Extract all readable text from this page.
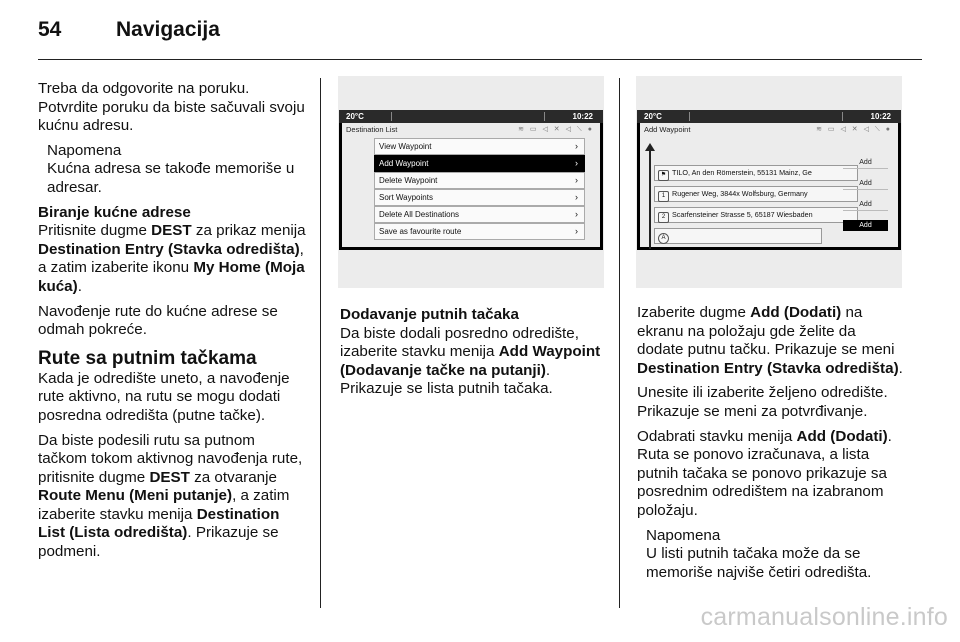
54	Navigacija

Treba da odgovorite na poruku. Potvrdite poruku da biste sačuvali svoju kućnu adresu.

Napomena

Kućna adresa se takođe memoriše u adresar.

Biranje kućne adrese

Pritisnite dugme DEST za prikaz menija Destination Entry (Stavka odredišta), a zatim izaberite ikonu My Home (Moja kuća).

Navođenje rute do kućne adrese se odmah pokreće.

Rute sa putnim tačkama

Kada je odredište uneto, a navođenje rute aktivno, na rutu se mogu dodati posredna odredišta (putne tačke).

Da biste podesili rutu sa putnom tačkom tokom aktivnog navođenja rute, pritisnite dugme DEST za otvaranje Route Menu (Meni putanje), a zatim izaberite stavku menija Destination List (Lista odredišta). Prikazuje se podmeni.

20°C	10:22
Destination List	≋ ▭ ◁ ✕ ◁ ⟍ ●
View Waypoint	›
Add Waypoint	›
Delete Waypoint	›
Sort Waypoints	›
Delete All Destinations	›
Save as favourite route	›

Dodavanje putnih tačaka

Da biste dodali posredno odredište, izaberite stavku menija Add Waypoint (Dodavanje tačke na putanji). Prikazuje se lista putnih tačaka.

20°C	10:22
Add Waypoint	≋ ▭ ◁ ✕ ◁ ⟍ ●
⚑ TILO, An den Römerstein, 55131 Mainz, Ge
1 Rugener Weg, 3844x Wolfsburg, Germany
2 Scarfensteiner Strasse 5, 65187 Wiesbaden
A
Add
Add
Add
Add

Izaberite dugme Add (Dodati) na ekranu na položaju gde želite da dodate putnu tačku. Prikazuje se meni Destination Entry (Stavka odredišta).

Unesite ili izaberite željeno odredište. Prikazuje se meni za potvrđivanje.

Odabrati stavku menija Add (Dodati). Ruta se ponovo izračunava, a lista putnih tačaka se ponovo prikazuje sa posrednim odredištem na izabranom položaju.

Napomena

U listi putnih tačaka može da se memoriše najviše četiri odredišta.

carmanualsonline.info
